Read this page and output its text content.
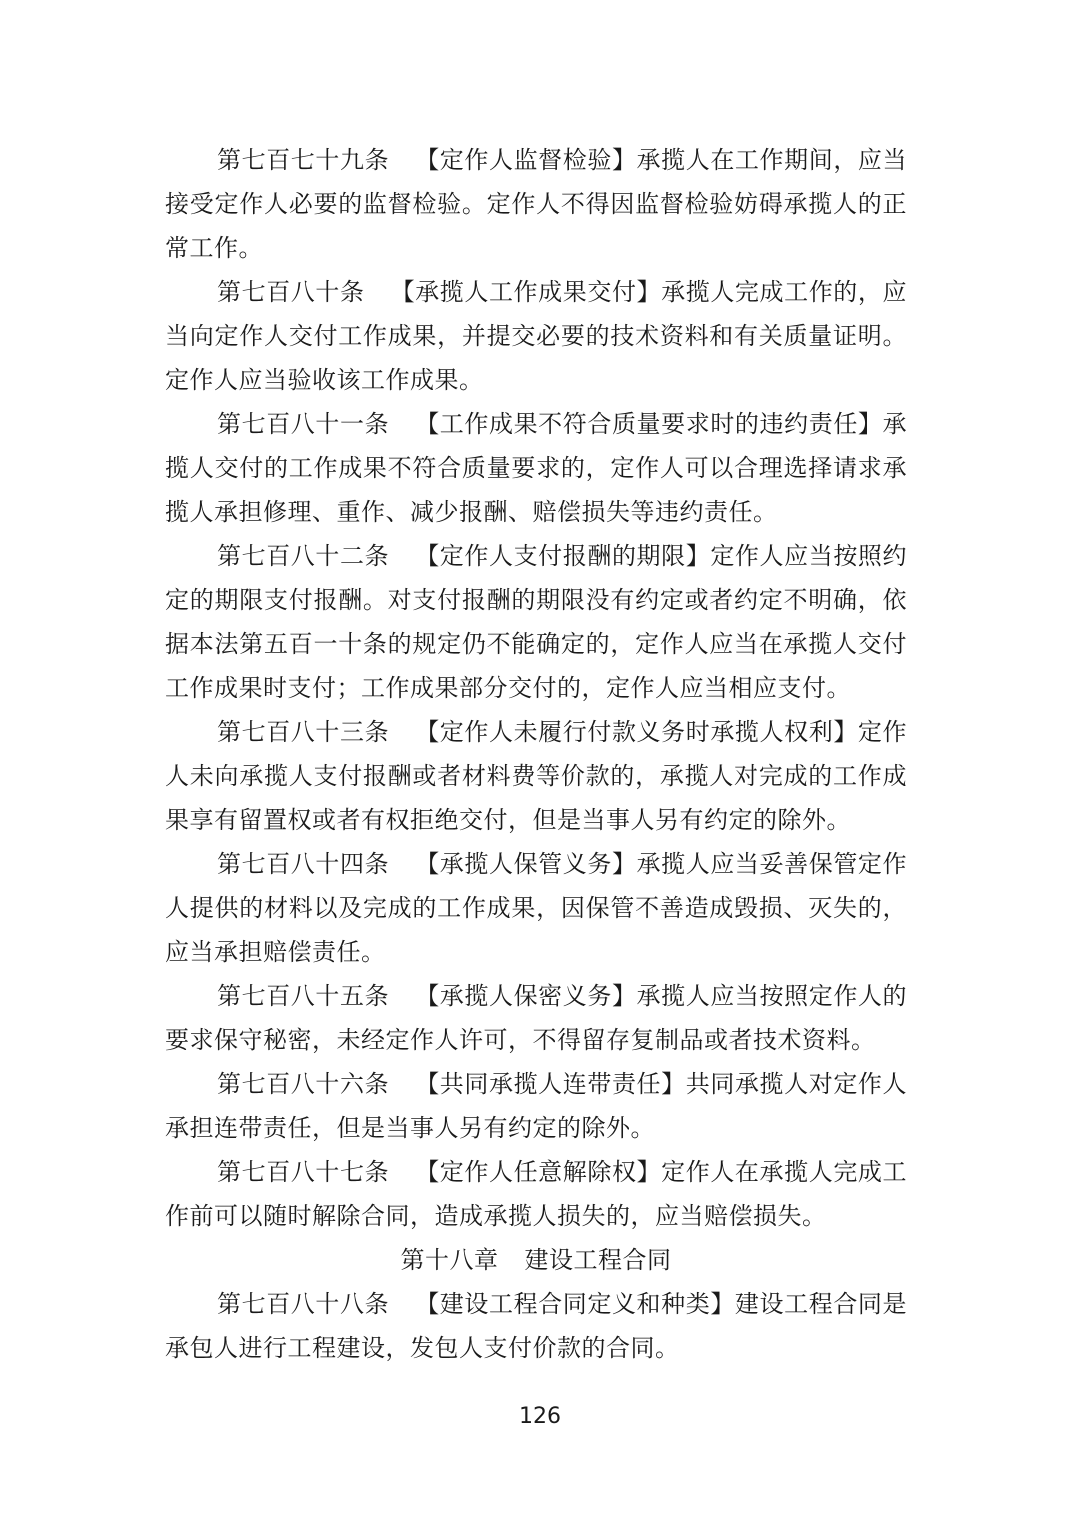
第七百七十九条 【定作人监督检验】承揽人在工作期间，应当接受定作人必要的监督检验。定作人不得因监督检验妨碍承揽人的正常工作。

第七百八十条 【承揽人工作成果交付】承揽人完成工作的，应当向定作人交付工作成果，并提交必要的技术资料和有关质量证明。定作人应当验收该工作成果。

第七百八十一条 【工作成果不符合质量要求时的违约责任】承揽人交付的工作成果不符合质量要求的，定作人可以合理选择请求承揽人承担修理、重作、减少报酬、赔偿损失等违约责任。

第七百八十二条 【定作人支付报酬的期限】定作人应当按照约定的期限支付报酬。对支付报酬的期限没有约定或者约定不明确，依据本法第五百一十条的规定仍不能确定的，定作人应当在承揽人交付工作成果时支付；工作成果部分交付的，定作人应当相应支付。

第七百八十三条 【定作人未履行付款义务时承揽人权利】定作人未向承揽人支付报酬或者材料费等价款的，承揽人对完成的工作成果享有留置权或者有权拒绝交付，但是当事人另有约定的除外。

第七百八十四条 【承揽人保管义务】承揽人应当妥善保管定作人提供的材料以及完成的工作成果，因保管不善造成毁损、灭失的，应当承担赔偿责任。

第七百八十五条 【承揽人保密义务】承揽人应当按照定作人的要求保守秘密，未经定作人许可，不得留存复制品或者技术资料。

第七百八十六条 【共同承揽人连带责任】共同承揽人对定作人承担连带责任，但是当事人另有约定的除外。

第七百八十七条 【定作人任意解除权】定作人在承揽人完成工作前可以随时解除合同，造成承揽人损失的，应当赔偿损失。

第十八章 建设工程合同

第七百八十八条 【建设工程合同定义和种类】建设工程合同是承包人进行工程建设，发包人支付价款的合同。

126
